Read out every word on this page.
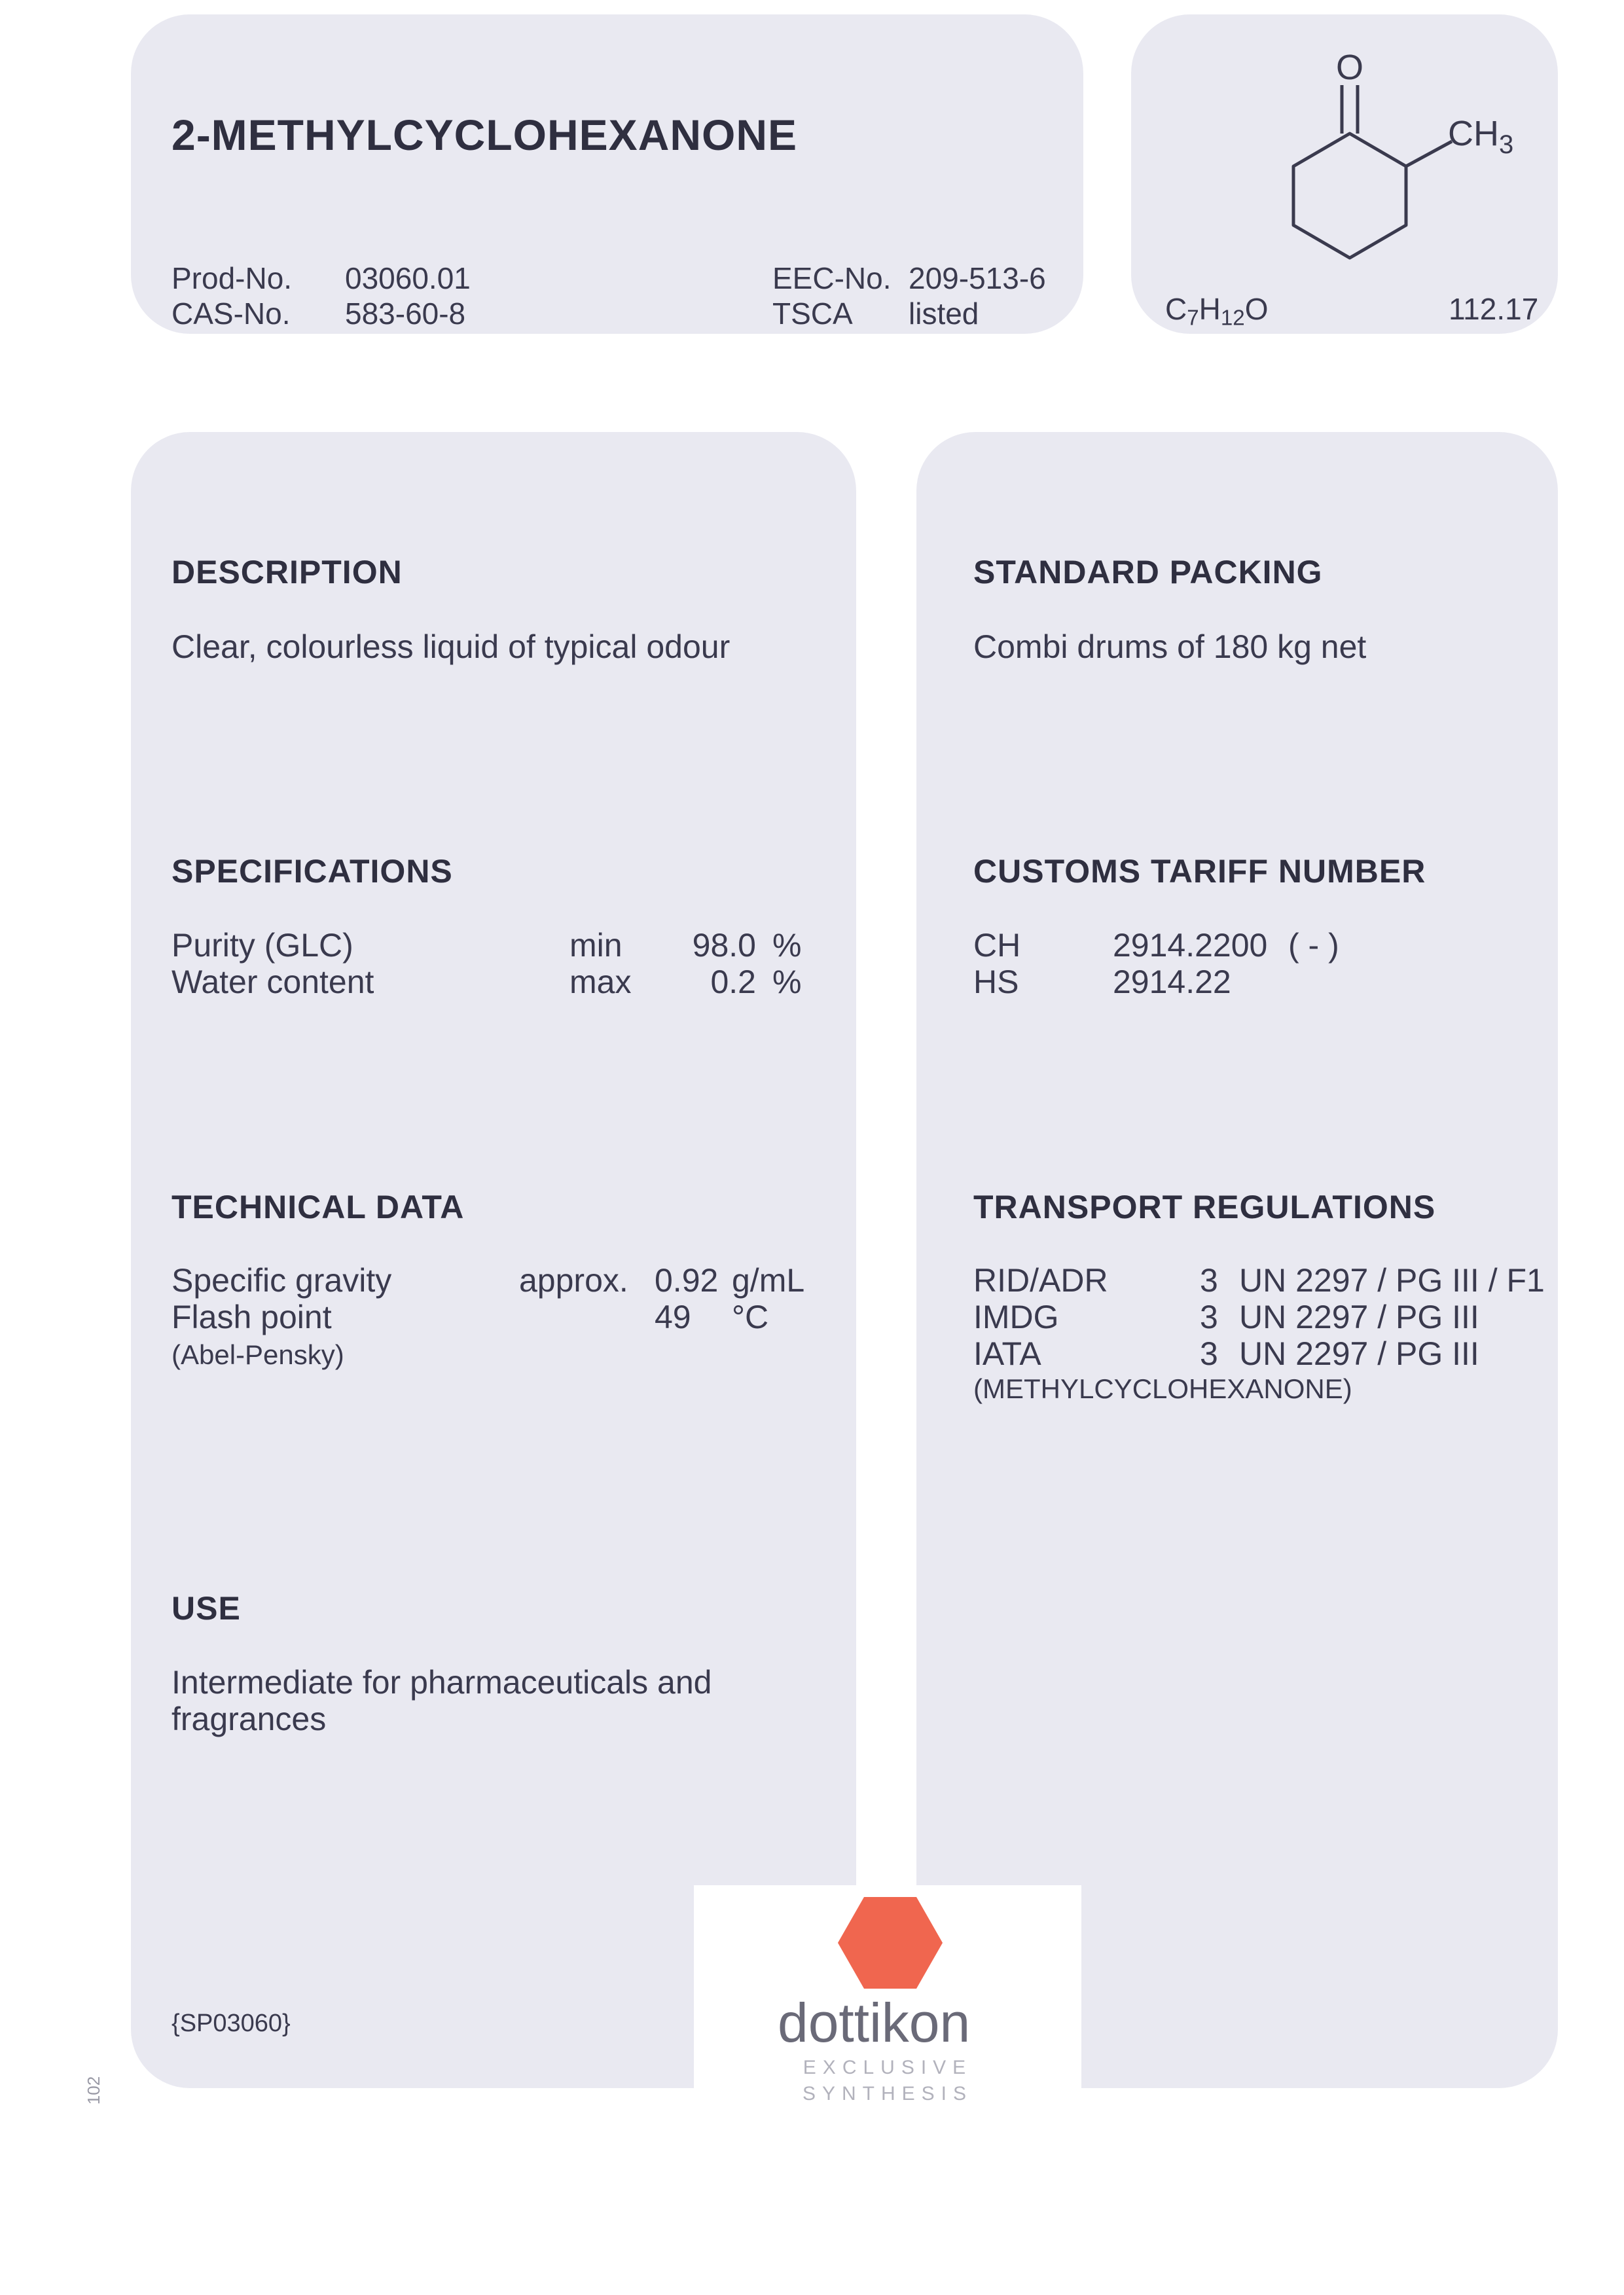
2-METHYLCYCLOHEXANONE
Prod-No. 03060.01
CAS-No. 583-60-8
EEC-No. 209-513-6
TSCA listed
O
$CH_3$
$C_7H_{12}O$	112.17
DESCRIPTION
Clear, colourless liquid of typical odour
SPECIFICATIONS
Purity (GLC)	min 98.0 %
Water content	max	0.2 %
TECHNICAL DATA
Specific gravity	approx. 0.92 g/mL
Flash point	49 °C
(Abel-Pensky)
USE
Intermediate for pharmaceuticals and
fragrances
{SP03060}
STANDARD PACKING
Combi drums of 180 kg net
CUSTOMS TARIFF NUMBER
CH	2914.2200 ( - )
HS	2914.22
TRANSPORT REGULATIONS
RID/ADR	3 UN 2297 / PG III / F1
IMDG	3 UN 2297 / PG III
IATA	3 UN 2297 / PG III
(METHYLCYCLOHEXANONE)
dottikon
EXCLUSIVE
SYNTHESIS
102
